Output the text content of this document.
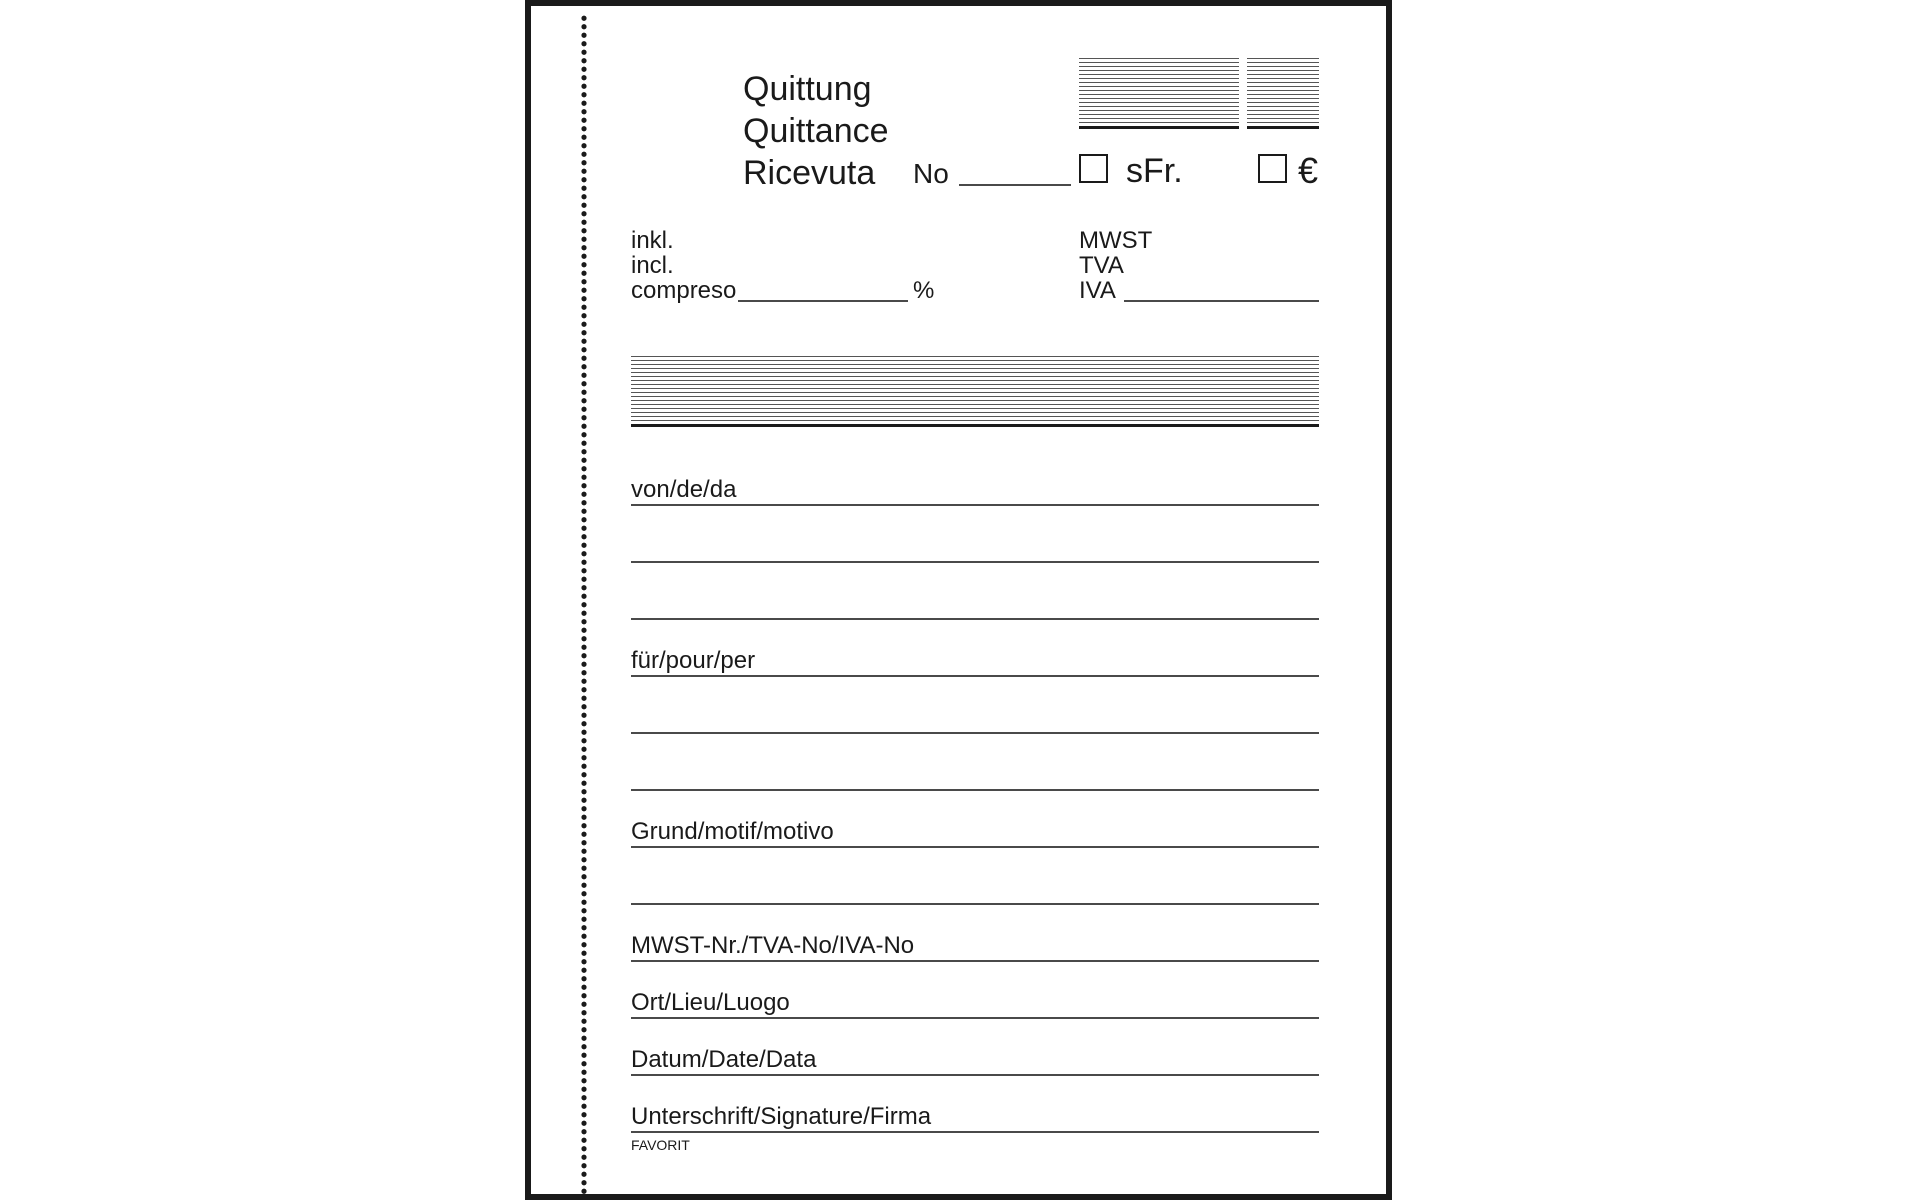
Quittung
Quittance
Ricevuta No	sFr.	€
inkl.
incl.
compreso	%
MWST
TVA
IVA
von/de/da
für/pour/per
Grund/motif/motivo
MWST-Nr./TVA-No/IVA-No
Ort/Lieu/Luogo
Datum/Date/Data
Unterschrift/Signature/Firma
FAVORIT
